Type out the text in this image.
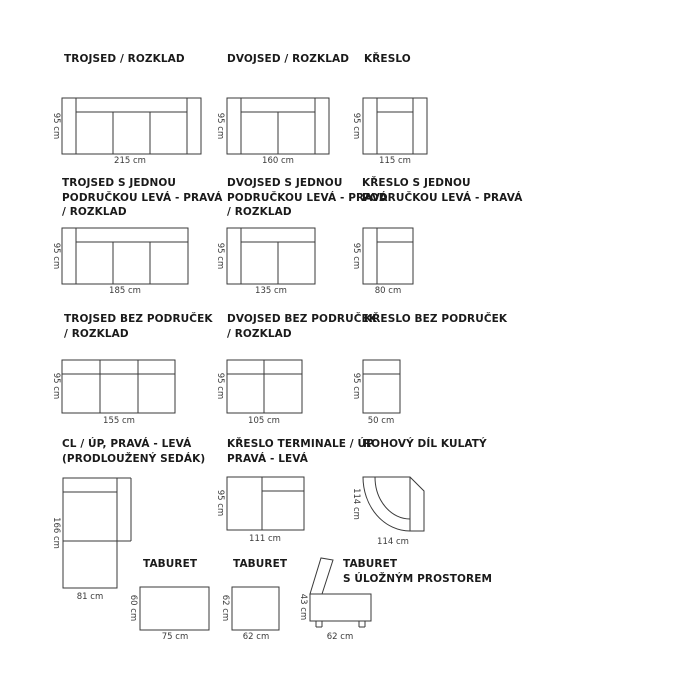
215 cm
95 cm
160 cm
95 cm
115 cm
95 cm
185 cm
95 cm
135 cm
95 cm
80 cm
95 cm
155 cm
95 cm
105 cm
95 cm
50 cm
95 cm
81 cm
166 cm	111 cm
95 cm
114 cm
114 cm
75 cm
60 cm
62 cm
62 cm
62 cm
43 cm
TROJSED / ROZKLAD	DVOJSED / ROZKLAD KŘESLO
TROJSED S JEDNOU
PODRUČKOU LEVÁ - PRAVÁ
/ ROZKLAD
DVOJSED S JEDNOU
PODRUČKOU LEVÁ - PRAVÁ
/ ROZKLAD
KŘESLO S JEDNOU
PODRUČKOU LEVÁ - PRAVÁ
TROJSED BEZ PODRUČEK
/ ROZKLAD
DVOJSED BEZ PODRUČEK
/ ROZKLAD
KŘESLO BEZ PODRUČEK
CL / ÚP, PRAVÁ - LEVÁ
(PRODLOUŽENÝ SEDÁK)
KŘESLO TERMINALE / ÚP
PRAVÁ - LEVÁ
ROHOVÝ DÍL KULATÝ
TABURET	TABURET	TABURET
S ÚLOŽNÝM PROSTOREM
